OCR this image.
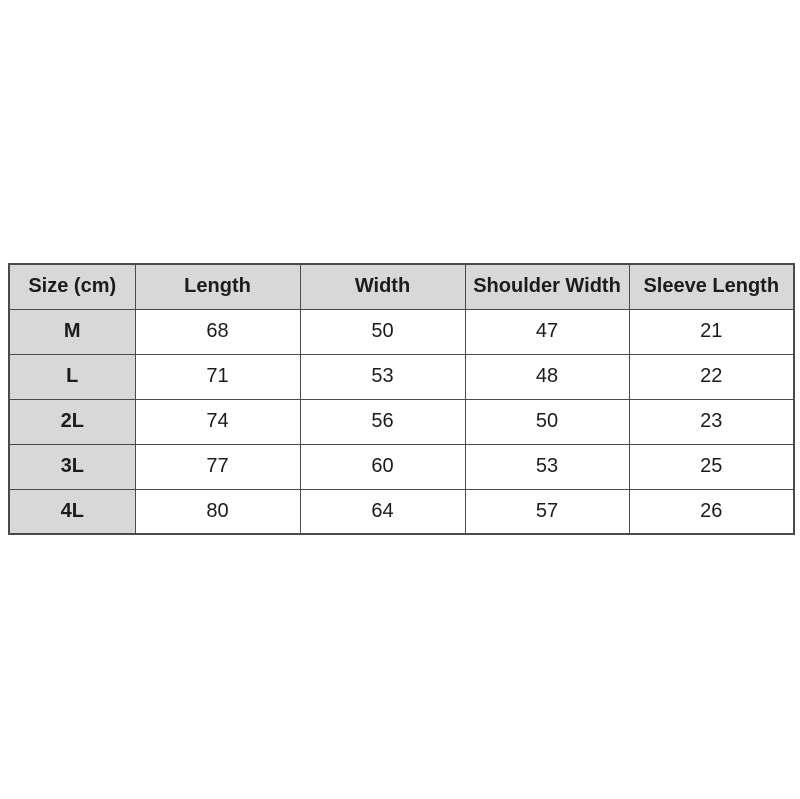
Size (cm)	Length	Width	Shoulder Width	Sleeve Length
M	68	50	47	21
L	71	53	48	22
2L	74	56	50	23
3L	77	60	53	25
4L	80	64	57	26
